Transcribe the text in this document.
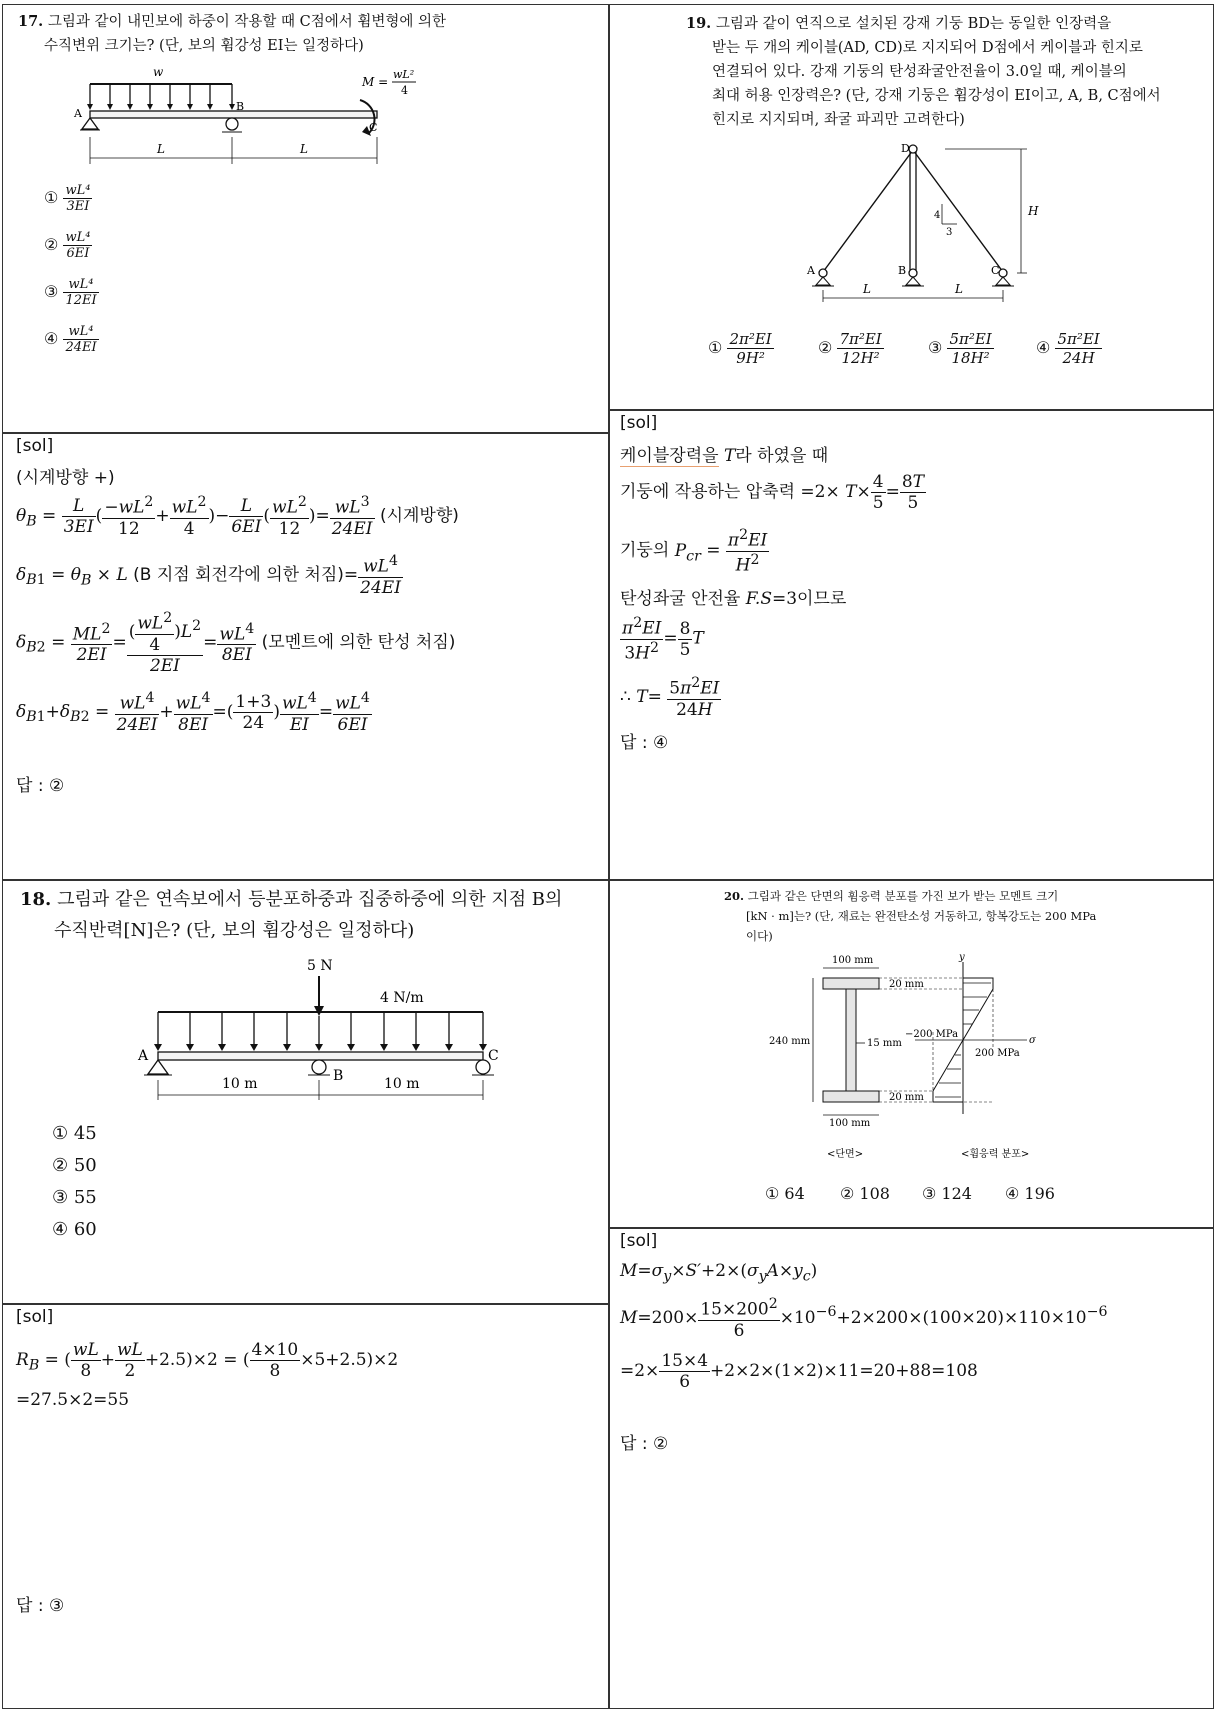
17. 그림과 같이 내민보에 하중이 작용할 때 C점에서 휨변형에 의한
수직변위 크기는? (단, 보의 휨강성 EI는 일정하다)
w
A
B
C
M =
wL²
4
L	L
① $\frac{\text{wL⁴}}{3EI}$
② $\frac{\text{wL⁴}}{6EI}$
③ $\frac{\text{wL⁴}}{12EI}$
④ $\frac{\text{wL⁴}}{24EI}$
[sol]
(시계방향 +)
$\theta_B = \frac{L}{3EI}$ ( $\frac{-wL^2}{12} + \frac{wL^2}{4}$ )− $\frac{L}{6EI}$ ( $\frac{wL^2}{12}$ )= $\frac{wL^3}{24EI}$ (시계방향)
$\delta_{B1} = \theta_B \times L$ (B 지점 회전각에 의한 처짐)= $\frac{wL^4}{24EI}$
$\delta_{B2} = \frac{ML^2}{2EI} = \frac{( \frac{wL^2}{4} )L^2}{2EI} = \frac{wL^4}{8EI}$ (모멘트에 의한 탄성 처짐)
$\delta_{B1}+\delta_{B2} = \frac{wL^4}{24EI} + \frac{wL^4}{8EI}$ =( $\frac{1+3}{24}$ ) $\frac{wL^4}{EI} = \frac{wL^4}{6EI}$
답 : ②
18. 그림과 같은 연속보에서 등분포하중과 집중하중에 의한 지점 B의
수직반력[N]은? (단, 보의 휨강성은 일정하다)
5 N
4 N/m
A
B
C
10 m	10 m
① 45
② 50
③ 55
④ 60
[sol]
$R_B$ = ( $\frac{wL}{8} + \frac{wL}{2} +2.5)\times 2$ = ( $\frac{4\times 10}{8} \times 5+2.5)\times 2$
=27.5×2=55
답 : ③
19. 그림과 같이 연직으로 설치된 강재 기둥 BD는 동일한 인장력을
받는 두 개의 케이블(AD, CD)로 지지되어 D점에서 케이블과 힌지로
연결되어 있다. 강재 기둥의 탄성좌굴안전율이 3.0일 때, 케이블의
최대 허용 인장력은? (단, 강재 기둥은 휨강성이 EI이고, A, B, C점에서
힌지로 지지되며, 좌굴 파괴만 고려한다)
D
A	B	C
4
3
H
L	L
① $\frac{\text{2π²EI}}{\text{9H²}}$	② $\frac{\text{7π²EI}}{\text{12H²}}$	③ $\frac{\text{5π²EI}}{\text{18H²}}$	④ $\frac{\text{5π²EI}}{24H}$
[sol]
케이블장력을 T라 하였을 때
기둥에 작용하는 압축력 $=2\times T\times \frac{4}{5} = \frac{8T}{5}$
기둥의 $P_{cr} = \frac{\pi^2EI}{H^2}$
탄성좌굴 안전율 F.S=3이므로
$\frac{\pi^2EI}{3H^2} = \frac{8}{5}$ T
∴ $T= \frac{5\pi^2EI}{24H}$
답 : ④
20. 그림과 같은 단면의 휨응력 분포를 가진 보가 받는 모멘트 크기
[kN · m]는? (단, 재료는 완전탄소성 거동하고, 항복강도는 200 MPa
이다)
100 mm
240 mm	15 mm
100 mm
20 mm
20 mm
y
σ
−200 MPa
200 MPa
<단면>	<휨응력 분포>
① 64 ② 108 ③ 124 ④ 196
[sol]
$M=\sigma_y\times S'+2\times(\sigma_yA\times y_c)$
$M=200\times \frac{15\times 200^2}{6} \times 10^{-6}+2\times 200\times(100\times 20)\times 110\times 10^{-6}$
$=2\times \frac{15\times 4}{6} +2\times 2\times(1\times 2)\times 11=20+88=108$
답 : ②
